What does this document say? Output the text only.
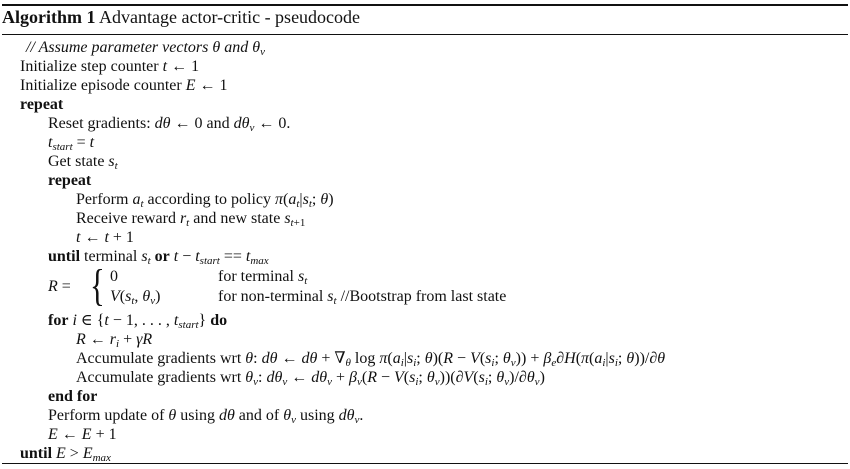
Algorithm 1 Advantage actor-critic - pseudocode
// Assume parameter vectors θ and $\theta_v$
Initialize step counter t ← 1
Initialize episode counter E ← 1
repeat
Reset gradients: dθ ← 0 and $d\theta_v$ ← 0.
$t_{start} = t$
Get state $s_t$
repeat
Perform $a_t$ according to policy $\pi(a_t|s_t$; θ)
Receive reward $r_t$ and new state $s_{t+1}$
t ← t + 1
until terminal $s_t$ or $t - t_{start} == t_{max}$
R = { 0	for terminal $s_t$
$V(s_t$, $\theta_v$)	for non-terminal $s_t$ //Bootstrap from last state
for i ∈ {t − 1, . . . , $t_{start}$} do
R ← $r_i + \gamma R$
Accumulate gradients wrt θ: dθ ← $d\theta + \nabla_\theta$ $\log \pi(a_i|s_i$; $\theta)(R - V(s_i$; $\theta_v)) + \beta_e\partial H(\pi(a_i|s_i$; θ))/∂θ
Accumulate gradients wrt $\theta_v$: $d\theta_v$ ← $d\theta_v + \beta_v(R - V(s_i$; $\theta_v))(\partial V(s_i$; $\theta_v)/\partial\theta_v$)
end for
Perform update of θ using dθ and of $\theta_v$ using $d\theta_v$.
E ← E + 1
until $E > E_{max}$
